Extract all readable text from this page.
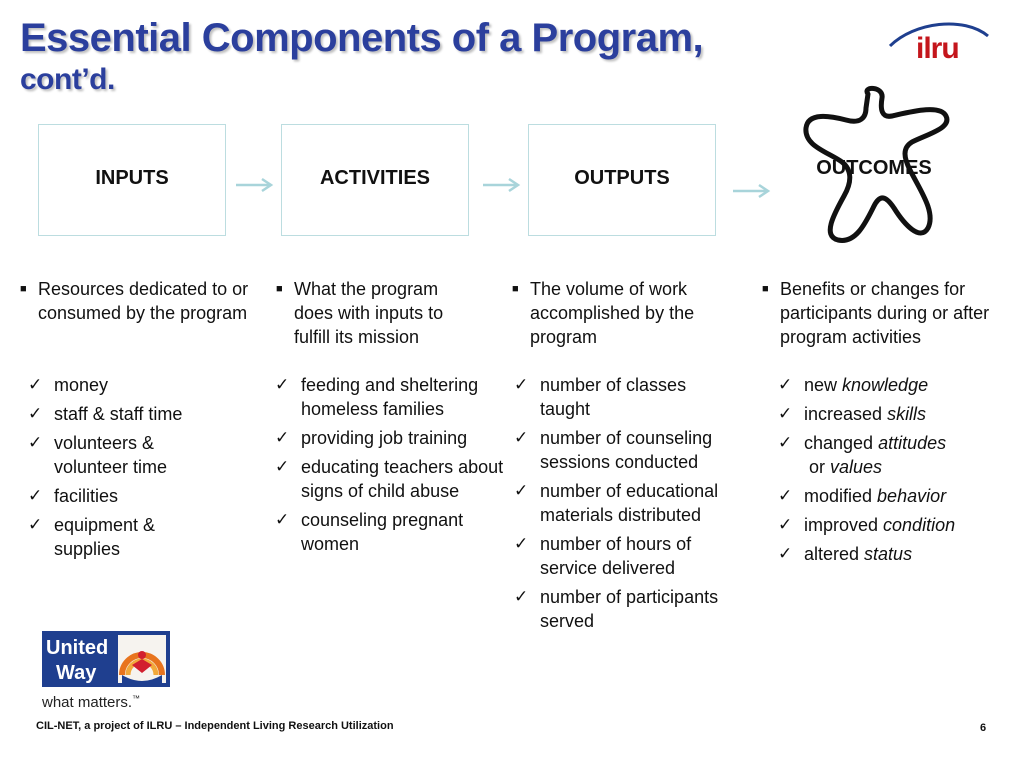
Essential Components of a Program,
cont’d.
ilru
INPUTS	ACTIVITIES	OUTPUTS	OUTCOMES
■ Resources dedicated to or consumed by the program
■ What the program does with inputs to fulfill its mission
■ The volume of work accomplished by the program
■ Benefits or changes for participants during or after program activities
✓ money
✓ staff & staff time
✓ volunteers & volunteer time
✓ facilities
✓ equipment & supplies
✓ feeding and sheltering homeless families
✓ providing job training
✓ educating teachers about signs of child abuse
✓ counseling pregnant women
✓ number of classes taught
✓ number of counseling sessions conducted
✓ number of educational materials distributed
✓ number of hours of service delivered
✓ number of participants served
✓ new knowledge
✓ increased skills
✓ changed attitudes or values
✓ modified behavior
✓ improved condition
✓ altered status
United
Way
what matters.™
CIL-NET, a project of ILRU – Independent Living Research Utilization	6
